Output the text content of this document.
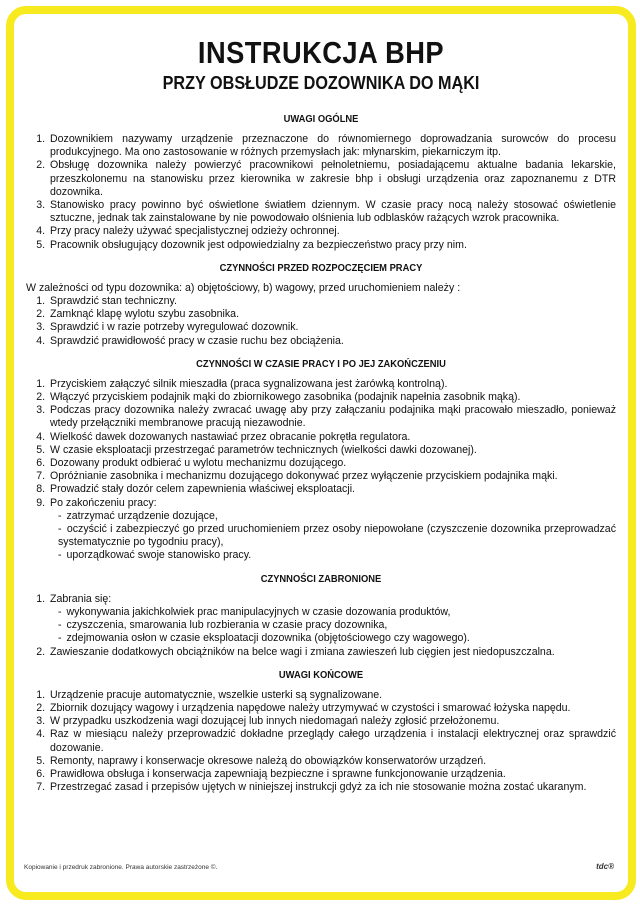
INSTRUKCJA BHP
PRZY OBSŁUDZE DOZOWNIKA DO MĄKI
UWAGI OGÓLNE
1. Dozownikiem nazywamy urządzenie przeznaczone do równomiernego doprowadzania surowców do procesu produkcyjnego. Ma ono zastosowanie w różnych przemysłach jak: młynarskim, piekarniczym itp.
2. Obsługę dozownika należy powierzyć pracownikowi pełnoletniemu, posiadającemu aktualne badania lekarskie, przeszkolonemu na stanowisku przez kierownika w zakresie bhp i obsługi urządzenia oraz zapoznanemu z DTR dozownika.
3. Stanowisko pracy powinno być oświetlone światłem dziennym. W czasie pracy nocą należy stosować oświetlenie sztuczne, jednak tak zainstalowane by nie powodowało olśnienia lub odblasków rażących wzrok pracownika.
4. Przy pracy należy używać specjalistycznej odzieży ochronnej.
5. Pracownik obsługujący dozownik jest odpowiedzialny za bezpieczeństwo pracy przy nim.
CZYNNOŚCI PRZED ROZPOCZĘCIEM PRACY
W zależności od typu dozownika: a) objętościowy, b) wagowy, przed uruchomieniem należy :
1. Sprawdzić stan techniczny.
2. Zamknąć klapę wylotu szybu zasobnika.
3. Sprawdzić i w razie potrzeby wyregulować dozownik.
4. Sprawdzić prawidłowość pracy w czasie ruchu bez obciążenia.
CZYNNOŚCI W CZASIE PRACY I PO JEJ ZAKOŃCZENIU
1. Przyciskiem załączyć silnik mieszadła (praca sygnalizowana jest żarówką kontrolną).
2. Włączyć przyciskiem podajnik mąki do zbiornikowego zasobnika (podajnik napełnia zasobnik mąką).
3. Podczas pracy dozownika należy zwracać uwagę aby przy załączaniu podajnika mąki pracowało mieszadło, ponieważ wtedy przełączniki membranowe pracują niezawodnie.
4. Wielkość dawek dozowanych nastawiać przez obracanie pokrętła regulatora.
5. W czasie eksploatacji przestrzegać parametrów technicznych (wielkości dawki dozowanej).
6. Dozowany produkt odbierać u wylotu mechanizmu dozującego.
7. Opróżnianie zasobnika i mechanizmu dozującego dokonywać przez wyłączenie przyciskiem podajnika mąki.
8. Prowadzić stały dozór celem zapewnienia właściwej eksploatacji.
9. Po zakończeniu pracy:
- zatrzymać urządzenie dozujące,
- oczyścić i zabezpieczyć go przed uruchomieniem przez osoby niepowołane (czyszczenie dozownika przeprowadzać systematycznie po tygodniu pracy),
- uporządkować swoje stanowisko pracy.
CZYNNOŚCI ZABRONIONE
1. Zabrania się:
- wykonywania jakichkolwiek prac manipulacyjnych w czasie dozowania produktów,
- czyszczenia, smarowania lub rozbierania w czasie pracy dozownika,
- zdejmowania osłon w czasie eksploatacji dozownika (objętościowego czy wagowego).
2. Zawieszanie dodatkowych obciążników na belce wagi i zmiana zawieszeń lub cięgien jest niedopuszczalna.
UWAGI KOŃCOWE
1. Urządzenie pracuje automatycznie, wszelkie usterki są sygnalizowane.
2. Zbiornik dozujący wagowy i urządzenia napędowe należy utrzymywać w czystości i smarować łożyska napędu.
3. W przypadku uszkodzenia wagi dozującej lub innych niedomagań należy zgłosić przełożonemu.
4. Raz w miesiącu należy przeprowadzić dokładne przeglądy całego urządzenia i instalacji elektrycznej oraz sprawdzić dozowanie.
5. Remonty, naprawy i konserwacje okresowe należą do obowiązków konserwatorów urządzeń.
6. Prawidłowa obsługa i konserwacja zapewniają bezpieczne i sprawne funkcjonowanie urządzenia.
7. Przestrzegać zasad i przepisów ujętych w niniejszej instrukcji gdyż za ich nie stosowanie można zostać ukaranym.
Kopiowanie i przedruk zabronione. Prawa autorskie zastrzeżone ©.	tdc®
